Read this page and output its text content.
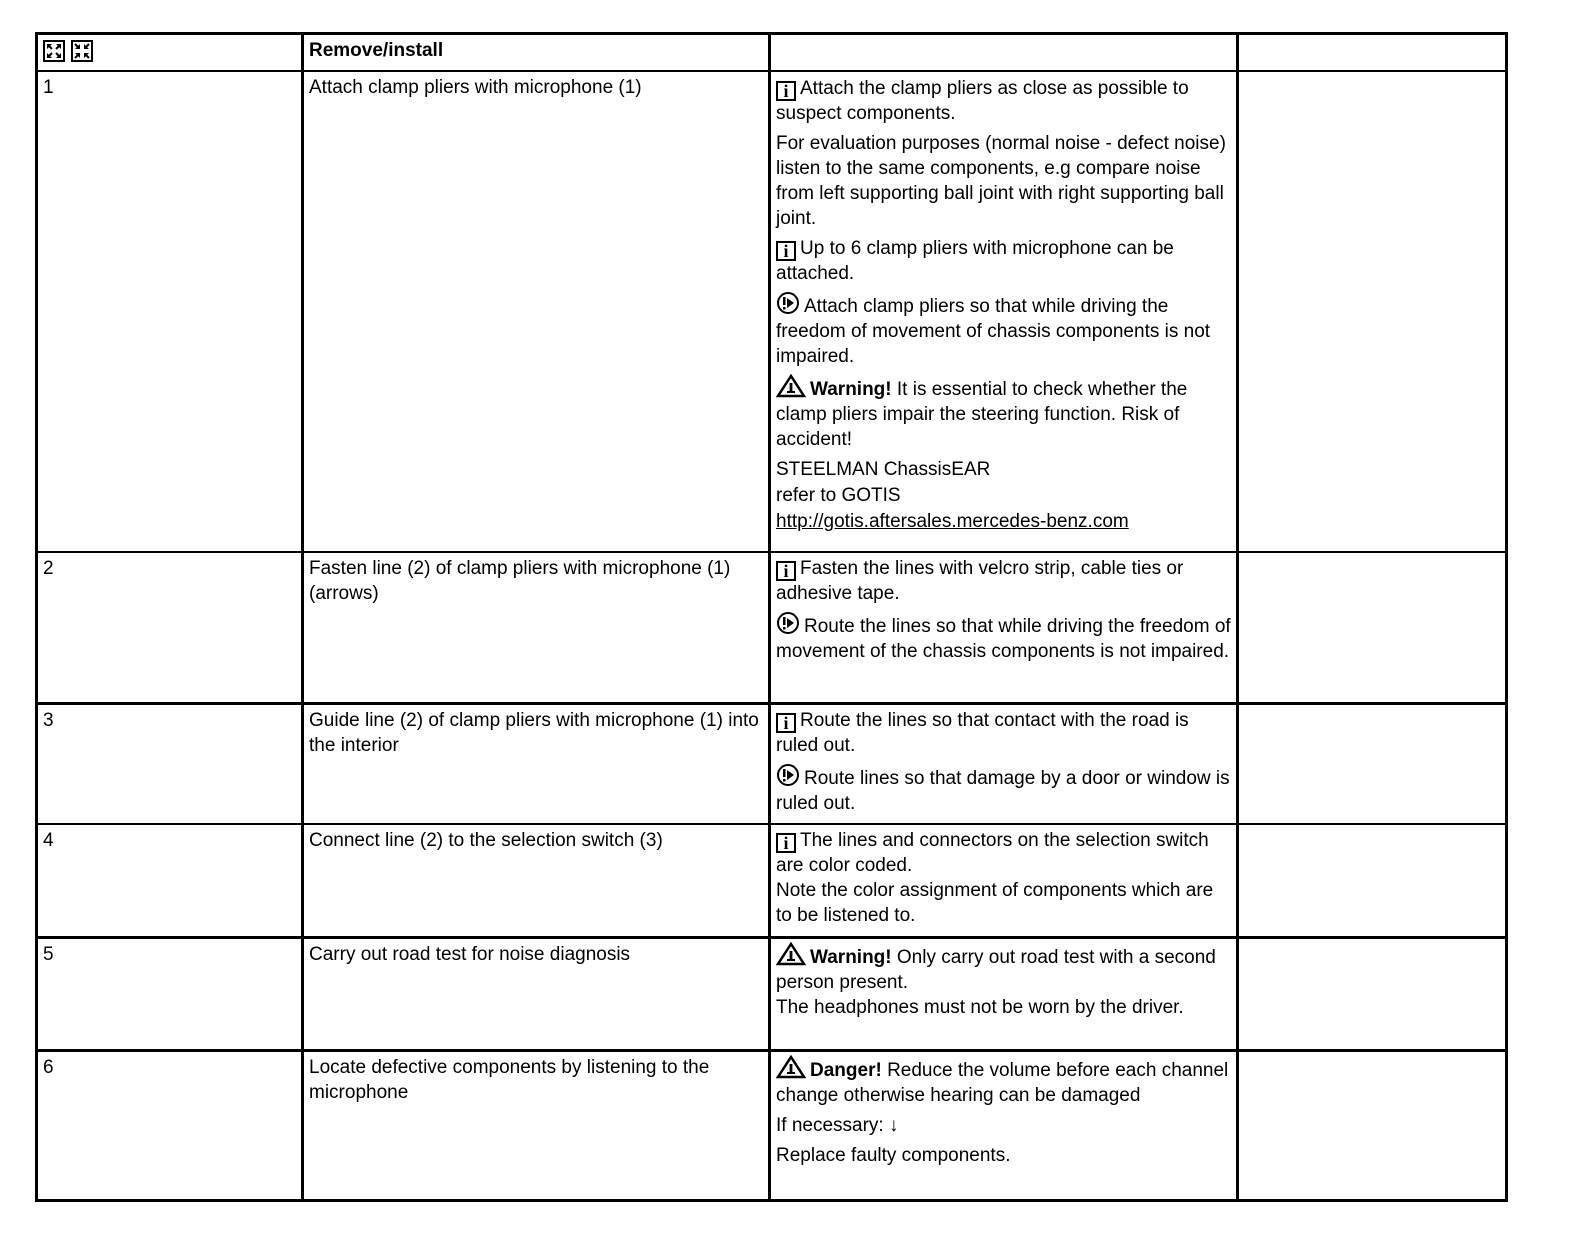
	Remove/install		
1	Attach clamp pliers with microphone (1)	i Attach the clamp pliers as close as possible to suspect components.

For evaluation purposes (normal noise - defect noise) listen to the same components, e.g compare noise from left supporting ball joint with right supporting ball joint.

i Up to 6 clamp pliers with microphone can be attached.

Attach clamp pliers so that while driving the freedom of movement of chassis components is not impaired.

Warning! It is essential to check whether the clamp pliers impair the steering function. Risk of accident!

STEELMAN ChassisEAR
refer to GOTIS
http://gotis.aftersales.mercedes-benz.com

2	Fasten line (2) of clamp pliers with microphone (1) (arrows)	i Fasten the lines with velcro strip, cable ties or adhesive tape.

Route the lines so that while driving the freedom of movement of the chassis components is not impaired.	

3	Guide line (2) of clamp pliers with microphone (1) into the interior	i Route the lines so that contact with the road is ruled out.

Route lines so that damage by a door or window is ruled out.	

4	Connect line (2) to the selection switch (3)	i The lines and connectors on the selection switch are color coded.

Note the color assignment of components which are to be listened to.	

5	Carry out road test for noise diagnosis	Warning! Only carry out road test with a second person present.

The headphones must not be worn by the driver.	

6	Locate defective components by listening to the microphone	Danger! Reduce the volume before each channel change otherwise hearing can be damaged

If necessary: ↓

Replace faulty components.	
